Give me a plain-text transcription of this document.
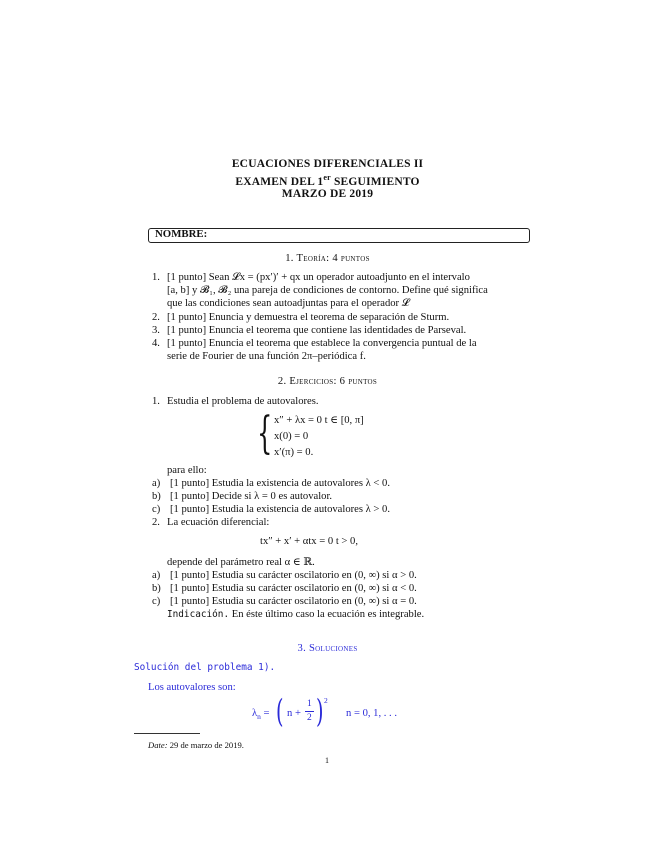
ECUACIONES DIFERENCIALES II
EXAMEN DEL 1er SEGUIMIENTO
MARZO DE 2019
NOMBRE:
1. Teoría: 4 puntos
1. [1 punto] Sean 𝓛x = (px′)′ + qx un operador autoadjunto en el intervalo
[a, b] y 𝓑₁, 𝓑₂ una pareja de condiciones de contorno. Define qué significa
que las condiciones sean autoadjuntas para el operador 𝓛
2. [1 punto] Enuncia y demuestra el teorema de separación de Sturm.
3. [1 punto] Enuncia el teorema que contiene las identidades de Parseval.
4. [1 punto] Enuncia el teorema que establece la convergencia puntual de la
serie de Fourier de una función 2π–periódica f.
2. Ejercicios: 6 puntos
1. Estudia el problema de autovalores.
{ x″ + λx = 0 t ∈ [0, π]
x(0) = 0
x′(π) = 0.
para ello:
a) [1 punto] Estudia la existencia de autovalores λ < 0.
b) [1 punto] Decide si λ = 0 es autovalor.
c) [1 punto] Estudia la existencia de autovalores λ > 0.
2. La ecuación diferencial:
tx″ + x′ + αtx = 0 t > 0,
depende del parámetro real α ∈ ℝ.
a) [1 punto] Estudia su carácter oscilatorio en (0, ∞) si α > 0.
b) [1 punto] Estudia su carácter oscilatorio en (0, ∞) si α < 0.
c) [1 punto] Estudia su carácter oscilatorio en (0, ∞) si α = 0.
Indicación. En éste último caso la ecuación es integrable.
3. Soluciones
Solución del problema 1).
Los autovalores son:
$\lambda_n$ = ( n +
1
2 ) 2
n = 0, 1, . . .
Date: 29 de marzo de 2019.
1
